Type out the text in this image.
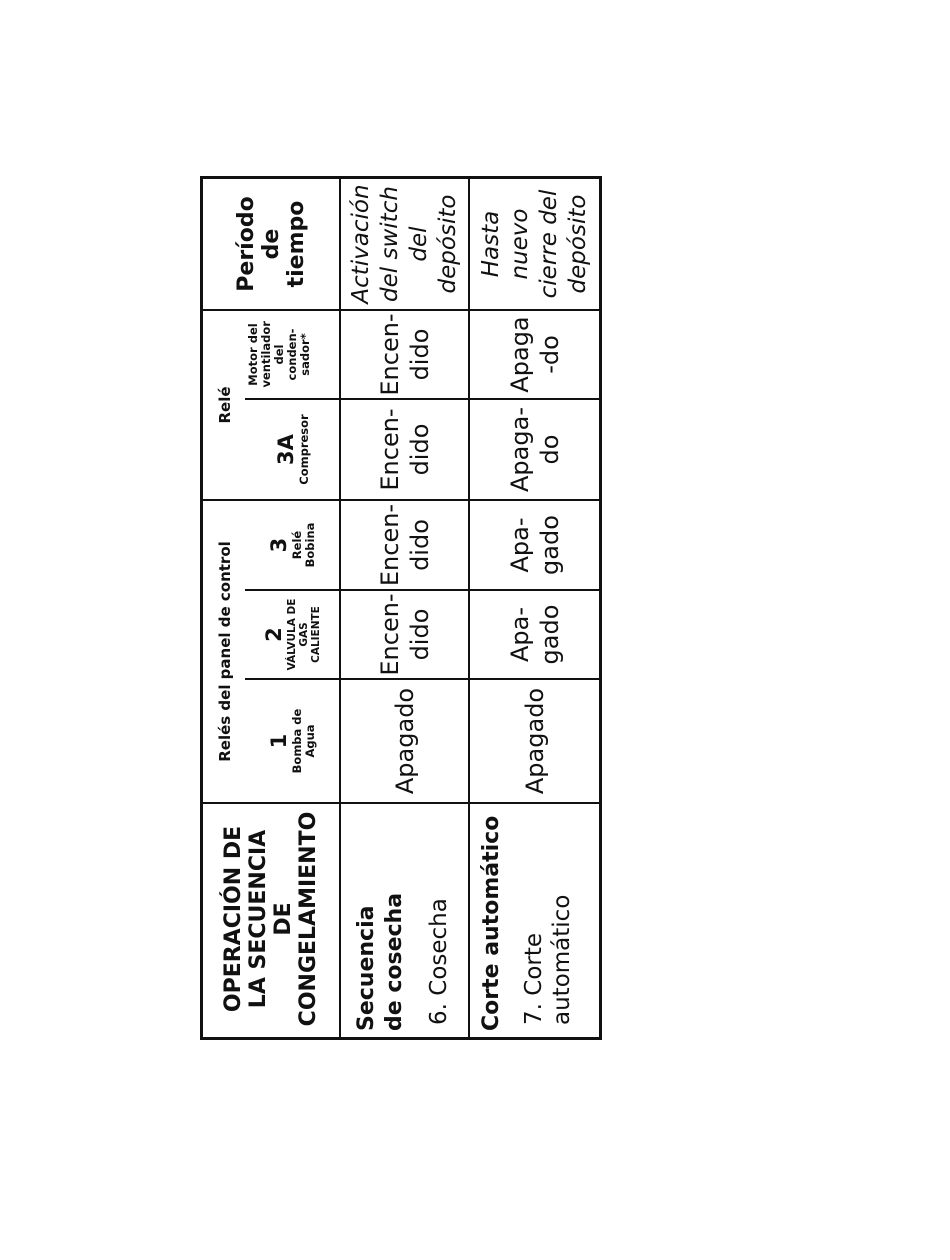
OPERACIÓN DE LA SECUENCIA DE CONGELAMIENTO
Relés del panel de control
Relé
1 Bomba de Agua
2 VÁLVULA DE GAS CALIENTE
3 Relé Bobina
3A Compresor
Motor del ventilador del conden- sador*
Período de tiempo
Secuencia de cosecha 6. Cosecha
Apagado
Encen- dido
Encen- dido
Encen- dido
Encen- dido
Activación del switch del depósito
Corte automático 7. Corte automático
Apagado
Apa- gado
Apa- gado
Apaga- do
Apaga -do
Hasta nuevo cierre del depósito
